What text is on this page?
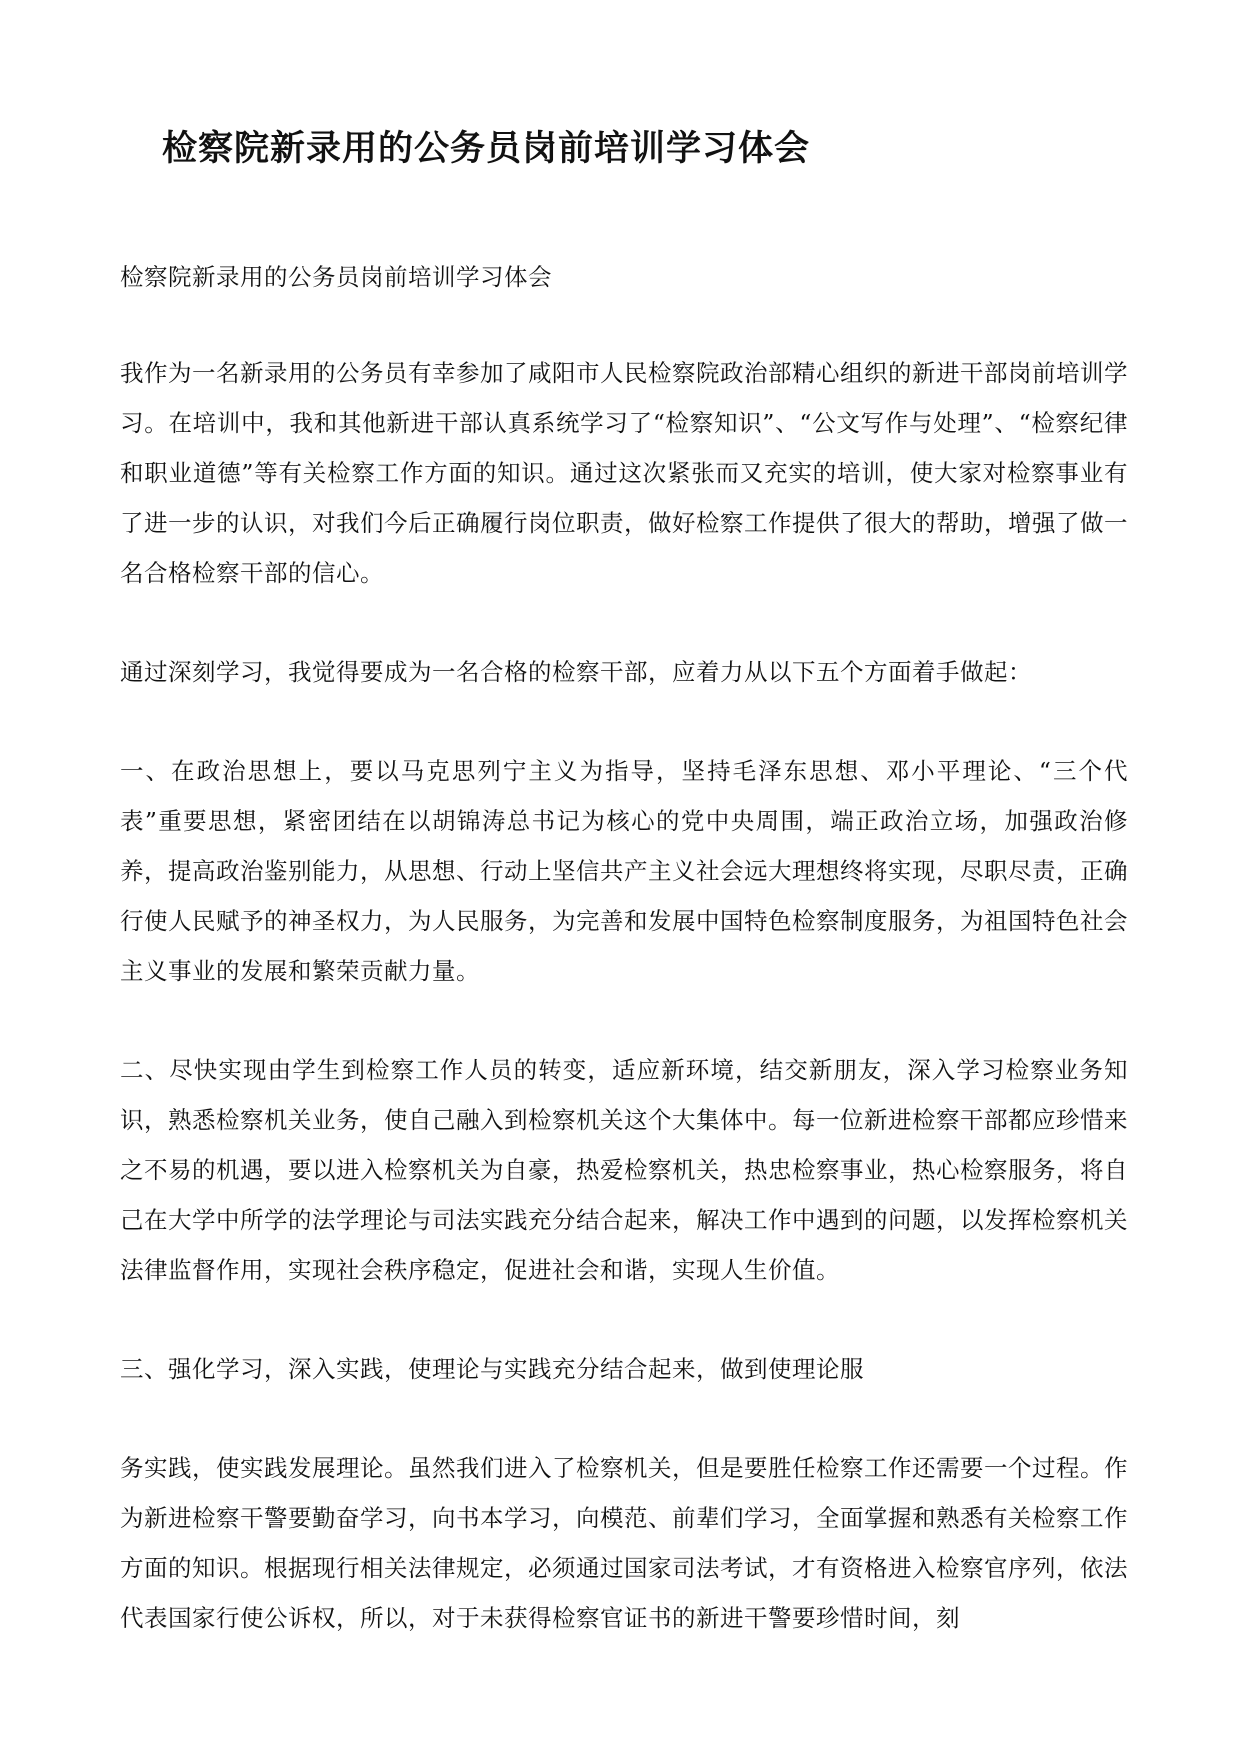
检察院新录用的公务员岗前培训学习体会

检察院新录用的公务员岗前培训学习体会

我作为一名新录用的公务员有幸参加了咸阳市人民检察院政治部精心组织的新进干部岗前培训学习。在培训中，我和其他新进干部认真系统学习了“检察知识”、“公文写作与处理”、“检察纪律和职业道德”等有关检察工作方面的知识。通过这次紧张而又充实的培训，使大家对检察事业有了进一步的认识，对我们今后正确履行岗位职责，做好检察工作提供了很大的帮助，增强了做一名合格检察干部的信心。

通过深刻学习，我觉得要成为一名合格的检察干部，应着力从以下五个方面着手做起：

一、在政治思想上，要以马克思列宁主义为指导，坚持毛泽东思想、邓小平理论、“三个代表”重要思想，紧密团结在以胡锦涛总书记为核心的党中央周围，端正政治立场，加强政治修养，提高政治鉴别能力，从思想、行动上坚信共产主义社会远大理想终将实现，尽职尽责，正确行使人民赋予的神圣权力，为人民服务，为完善和发展中国特色检察制度服务，为祖国特色社会主义事业的发展和繁荣贡献力量。

二、尽快实现由学生到检察工作人员的转变，适应新环境，结交新朋友，深入学习检察业务知识，熟悉检察机关业务，使自己融入到检察机关这个大集体中。每一位新进检察干部都应珍惜来之不易的机遇，要以进入检察机关为自豪，热爱检察机关，热忠检察事业，热心检察服务，将自己在大学中所学的法学理论与司法实践充分结合起来，解决工作中遇到的问题，以发挥检察机关法律监督作用，实现社会秩序稳定，促进社会和谐，实现人生价值。

三、强化学习，深入实践，使理论与实践充分结合起来，做到使理论服

务实践，使实践发展理论。虽然我们进入了检察机关，但是要胜任检察工作还需要一个过程。作为新进检察干警要勤奋学习，向书本学习，向模范、前辈们学习，全面掌握和熟悉有关检察工作方面的知识。根据现行相关法律规定，必须通过国家司法考试，才有资格进入检察官序列，依法代表国家行使公诉权，所以，对于未获得检察官证书的新进干警要珍惜时间，刻
